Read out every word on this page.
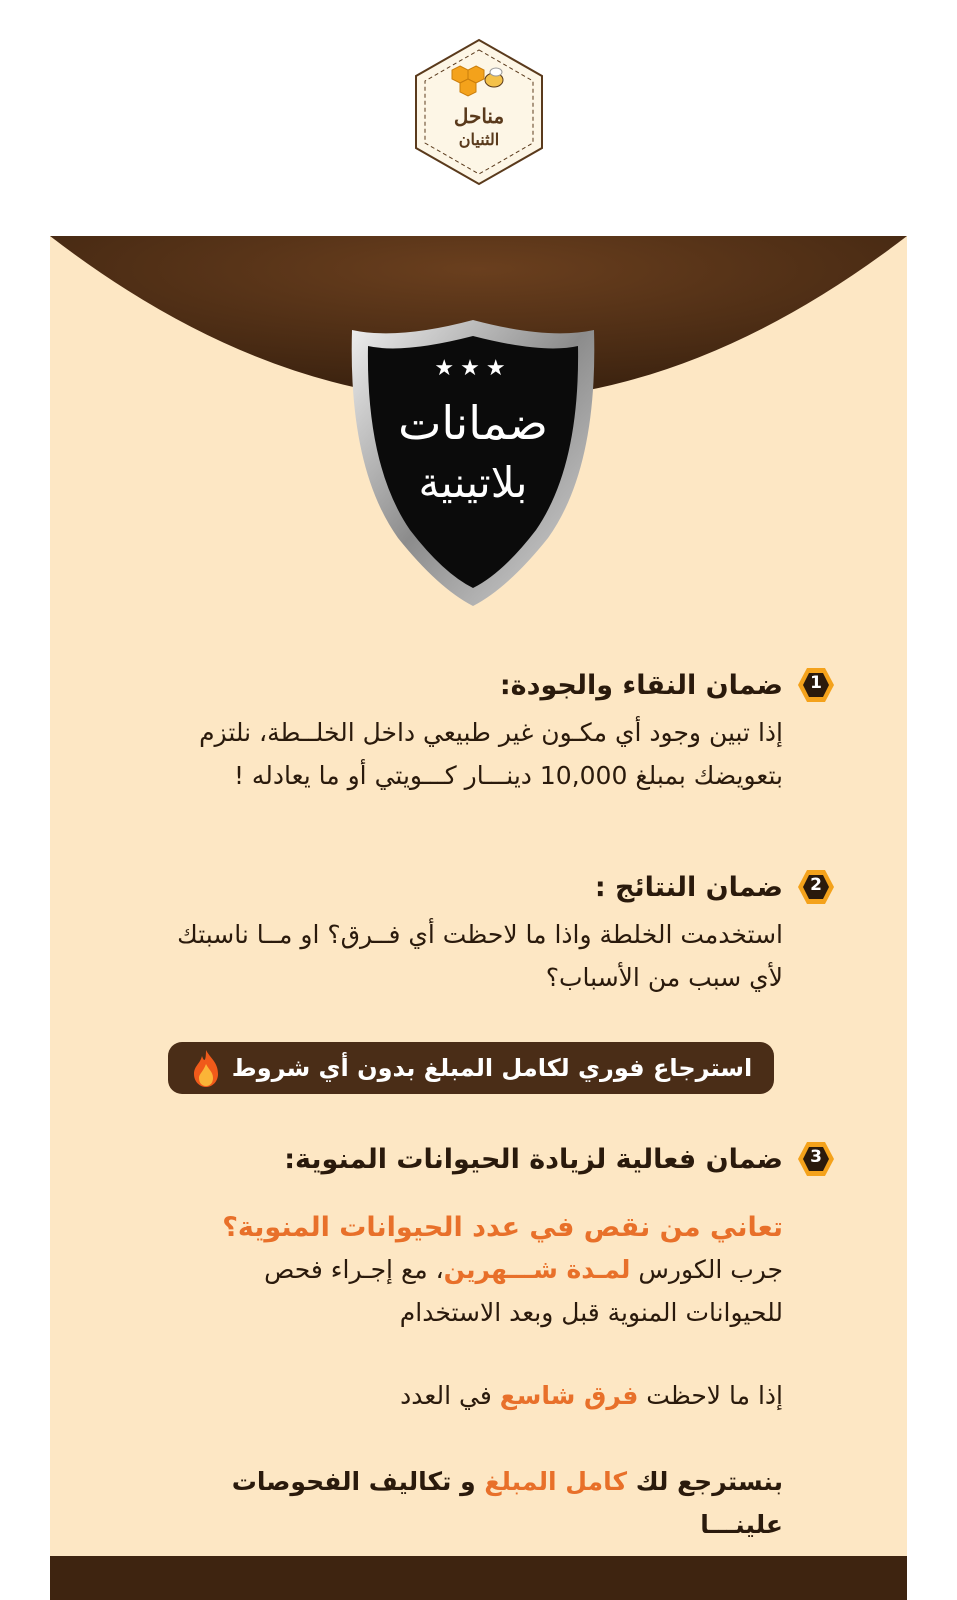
مناحل
الثنيان
★★★
ضمانات
بلاتينية
1
ضمان النقاء والجودة:
إذا تبين وجود أي مكـون غير طبيعي داخل الخلــطة، نلتزم بتعويضك بمبلغ 10,000 دينـــار كـــويتي أو ما يعادله !
2
ضمان النتائج :
استخدمت الخلطة واذا ما لاحظت أي فــرق؟ او مــا ناسبتك لأي سبب من الأسباب؟
استرجاع فوري لكامل المبلغ بدون أي شروط
3
ضمان فعالية لزيادة الحيوانات المنوية:
تعاني من نقص في عدد الحيوانات المنوية؟
جرب الكورس لمـدة شـــهرين، مع إجـراء فحص للحيوانات المنوية قبل وبعد الاستخدام
إذا ما لاحظت فرق شاسع في العدد
بنسترجع لك كامل المبلغ و تكاليف الفحوصات علينـــا
